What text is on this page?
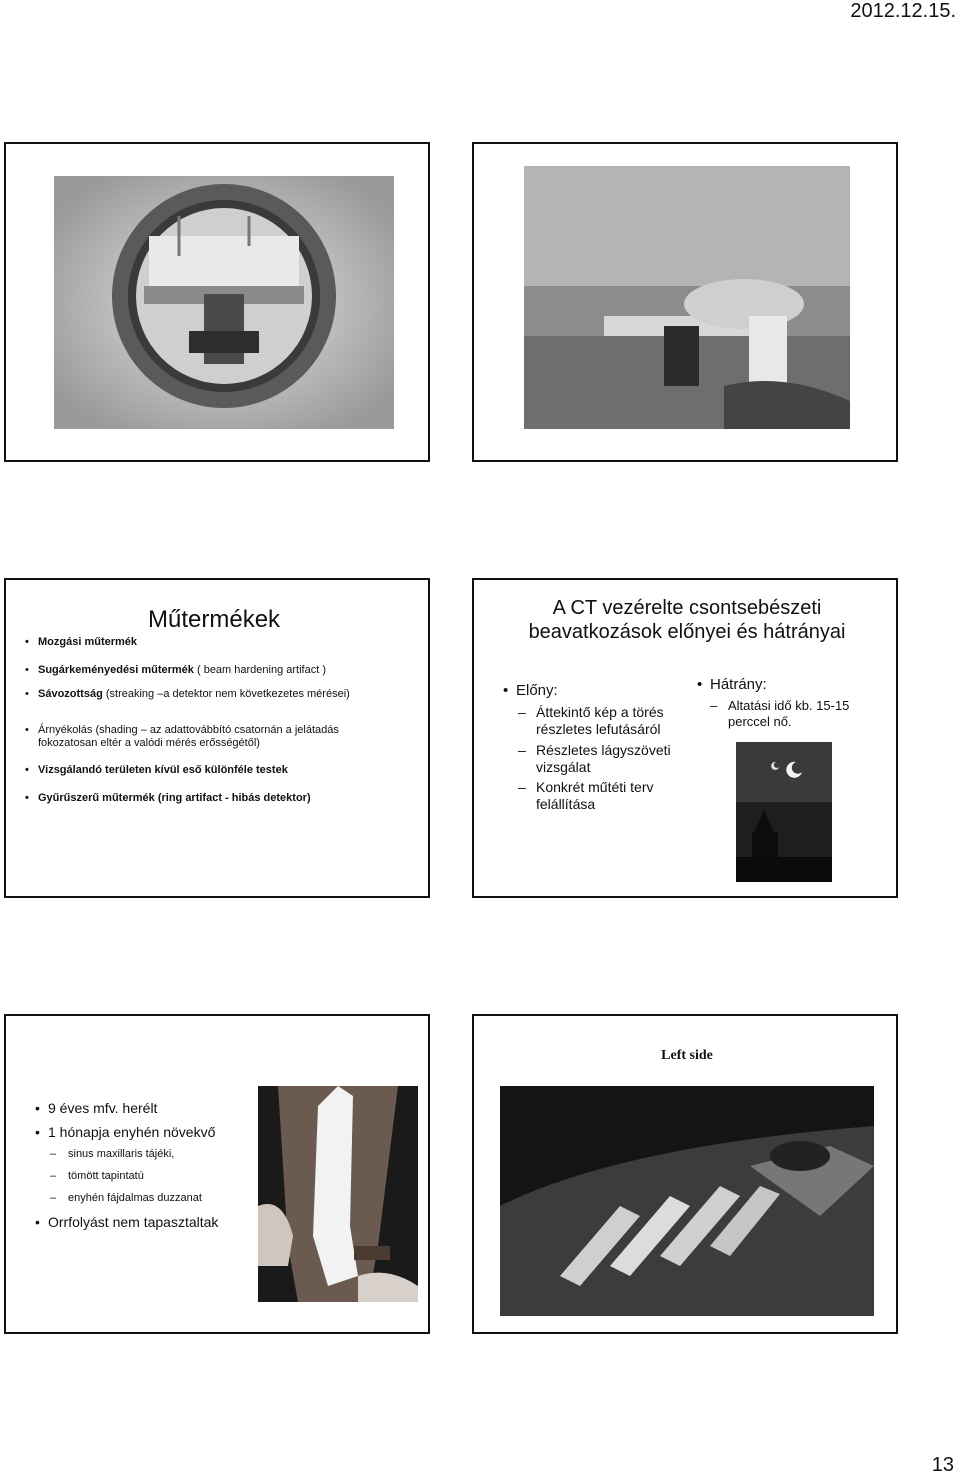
2012.12.15.
Műtermékek
• Mozgási műtermék
• Sugárkeményedési műtermék ( beam hardening artifact )
• Sávozottság (streaking –a detektor nem következetes mérései)
• Árnyékolás (shading – az adattovábbító csatornán a jelátadás fokozatosan eltér a valódi mérés erősségétől)
• Vizsgálandó területen kívül eső különféle testek
• Gyűrűszerű műtermék (ring artifact - hibás detektor)
A CT vezérelte csontsebészeti beavatkozások előnyei és hátrányai
• Előny:
– Áttekintő kép a törés részletes lefutásáról
– Részletes lágyszöveti vizsgálat
– Konkrét műtéti terv felállítása
• Hátrány:
– Altatási idő kb. 15-15 perccel nő.
Left side
• 9 éves mfv. herélt
• 1 hónapja enyhén növekvő
– sinus maxillaris tájéki,
– tömött tapintatú
– enyhén fájdalmas duzzanat
• Orrfolyást nem tapasztaltak
13
